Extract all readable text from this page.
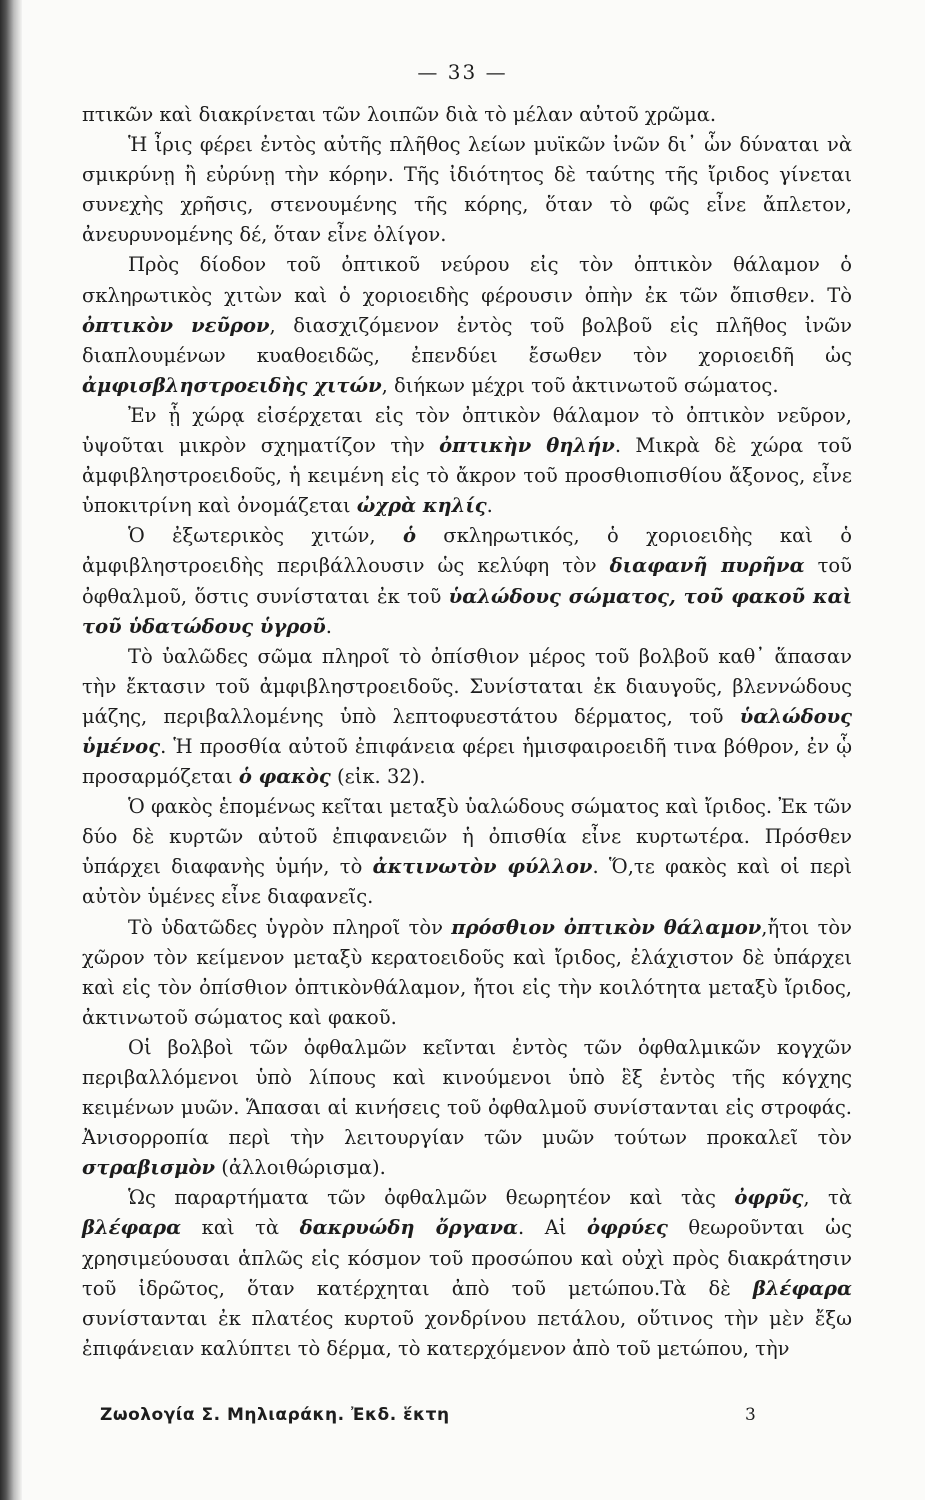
— 33 —

πτικῶν καὶ διακρίνεται τῶν λοιπῶν διὰ τὸ μέλαν αὐτοῦ χρῶμα.

Ἡ ἶρις φέρει ἐντὸς αὐτῆς πλῆθος λείων μυϊκῶν ἰνῶν δι᾿ ὧν δύναται νὰ σμικρύνῃ ἢ εὐρύνῃ τὴν κόρην. Τῆς ἰδιότητος δὲ ταύτης τῆς ἴριδος γίνεται συνεχὴς χρῆσις, στενουμένης τῆς κόρης, ὅταν τὸ φῶς εἶνε ἄπλετον, ἀνευρυνομένης δέ, ὅταν εἶνε ὀλίγον.

Πρὸς δίοδον τοῦ ὀπτικοῦ νεύρου εἰς τὸν ὀπτικὸν θάλαμον ὁ σκληρωτικὸς χιτὼν καὶ ὁ χοριοειδὴς φέρουσιν ὀπὴν ἐκ τῶν ὄπισθεν. Τὸ ὀπτικὸν νεῦρον, διασχιζόμενον ἐντὸς τοῦ βολβοῦ εἰς πλῆθος ἰνῶν διαπλουμένων κυαθοειδῶς, ἐπενδύει ἔσωθεν τὸν χοριοειδῆ ὡς ἀμφισβληστροειδὴς χιτών, διήκων μέχρι τοῦ ἀκτινωτοῦ σώματος.

Ἐν ᾗ χώρᾳ εἰσέρχεται εἰς τὸν ὀπτικὸν θάλαμον τὸ ὀπτικὸν νεῦρον, ὑψοῦται μικρὸν σχηματίζον τὴν ὀπτικὴν θηλήν. Μικρὰ δὲ χώρα τοῦ ἀμφιβληστροειδοῦς, ἡ κειμένη εἰς τὸ ἄκρον τοῦ προσθιοπισθίου ἄξονος, εἶνε ὑποκιτρίνη καὶ ὀνομάζεται ὠχρὰ κηλίς.

Ὁ ἐξωτερικὸς χιτών, ὁ σκληρωτικός, ὁ χοριοειδὴς καὶ ὁ ἀμφιβληστροειδὴς περιβάλλουσιν ὡς κελύφη τὸν διαφανῆ πυρῆνα τοῦ ὀφθαλμοῦ, ὅστις συνίσταται ἐκ τοῦ ὑαλώδους σώματος, τοῦ φακοῦ καὶ τοῦ ὑδατώδους ὑγροῦ.

Τὸ ὑαλῶδες σῶμα πληροῖ τὸ ὀπίσθιον μέρος τοῦ βολβοῦ καθ᾿ ἅπασαν τὴν ἔκτασιν τοῦ ἀμφιβληστροειδοῦς. Συνίσταται ἐκ διαυγοῦς, βλεννώδους μάζης, περιβαλλομένης ὑπὸ λεπτοφυεστάτου δέρματος, τοῦ ὑαλώδους ὑμένος. Ἡ προσθία αὐτοῦ ἐπιφάνεια φέρει ἡμισφαιροειδῆ τινα βόθρον, ἐν ᾧ προσαρμόζεται ὁ φακὸς (εἰκ. 32).

Ὁ φακὸς ἑπομένως κεῖται μεταξὺ ὑαλώδους σώματος καὶ ἴριδος. Ἐκ τῶν δύο δὲ κυρτῶν αὐτοῦ ἐπιφανειῶν ἡ ὀπισθία εἶνε κυρτωτέρα. Πρόσθεν ὑπάρχει διαφανὴς ὑμήν, τὸ ἀκτινωτὸν φύλλον. Ὅ,τε φακὸς καὶ οἱ περὶ αὐτὸν ὑμένες εἶνε διαφανεῖς.

Τὸ ὑδατῶδες ὑγρὸν πληροῖ τὸν πρόσθιον ὀπτικὸν θάλαμον,ἤτοι τὸν χῶρον τὸν κείμενον μεταξὺ κερατοειδοῦς καὶ ἴριδος, ἐλάχιστον δὲ ὑπάρχει καὶ εἰς τὸν ὀπίσθιον ὀπτικὸνθάλαμον, ἤτοι εἰς τὴν κοιλότητα μεταξὺ ἴριδος, ἀκτινωτοῦ σώματος καὶ φακοῦ.

Οἱ βολβοὶ τῶν ὀφθαλμῶν κεῖνται ἐντὸς τῶν ὀφθαλμικῶν κογχῶν περιβαλλόμενοι ὑπὸ λίπους καὶ κινούμενοι ὑπὸ ἓξ ἐντὸς τῆς κόγχης κειμένων μυῶν. Ἅπασαι αἱ κινήσεις τοῦ ὀφθαλμοῦ συνίστανται εἰς στροφάς. Ἀνισορροπία περὶ τὴν λειτουργίαν τῶν μυῶν τούτων προκαλεῖ τὸν στραβισμὸν (ἀλλοιθώρισμα).

Ὡς παραρτήματα τῶν ὀφθαλμῶν θεωρητέον καὶ τὰς ὀφρῦς, τὰ βλέφαρα καὶ τὰ δακρυώδη ὄργανα. Αἱ ὀφρύες θεωροῦνται ὡς χρησιμεύουσαι ἁπλῶς εἰς κόσμον τοῦ προσώπου καὶ οὐχὶ πρὸς διακράτησιν τοῦ ἱδρῶτος, ὅταν κατέρχηται ἀπὸ τοῦ μετώπου.Τὰ δὲ βλέφαρα συνίστανται ἐκ πλατέος κυρτοῦ χονδρίνου πετάλου, οὕτινος τὴν μὲν ἔξω ἐπιφάνειαν καλύπτει τὸ δέρμα, τὸ κατερχόμενον ἀπὸ τοῦ μετώπου, τὴν

Ζωολογία Σ. Μηλιαράκη. Ἐκδ. ἕκτη	3
